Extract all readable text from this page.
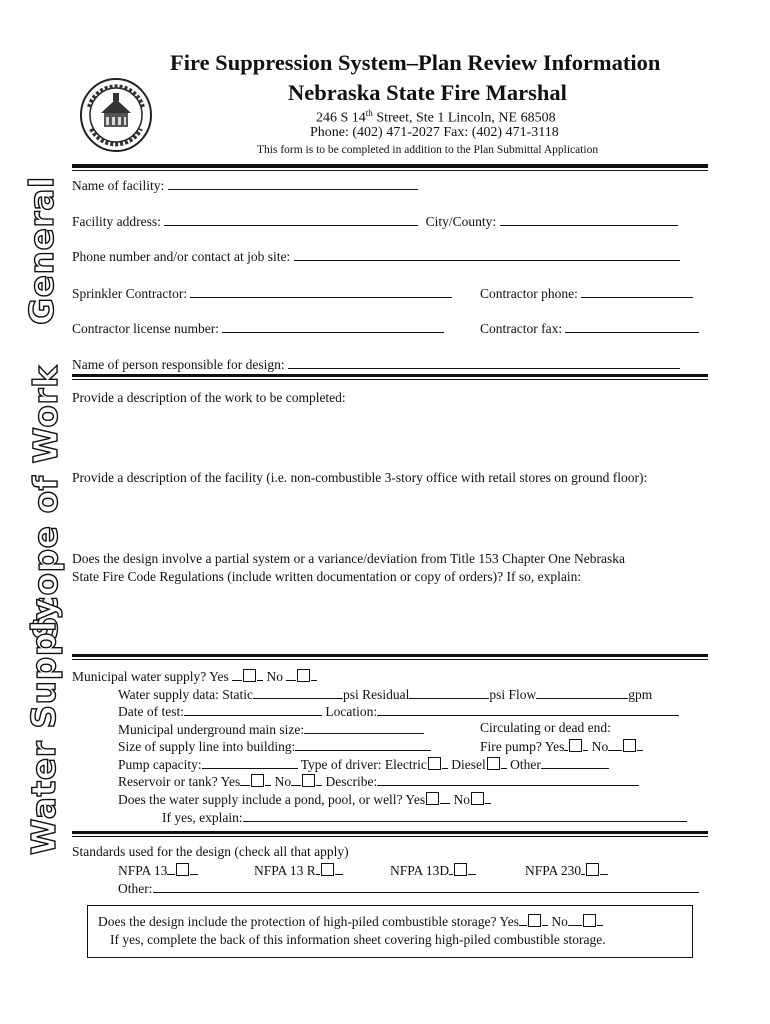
Fire Suppression System–Plan Review Information
Nebraska State Fire Marshal
246 S 14th Street, Ste 1 Lincoln, NE 68508
Phone: (402) 471-2027 Fax: (402) 471-3118
This form is to be completed in addition to the Plan Submittal Application
General
Scope of Work
Water Supply
Name of facility:
Facility address:	City/County:
Phone number and/or contact at job site:
Sprinkler Contractor:	Contractor phone:
Contractor license number:	Contractor fax:
Name of person responsible for design:
Provide a description of the work to be completed:
Provide a description of the facility (i.e. non-combustible 3-story office with retail stores on ground floor):
Does the design involve a partial system or a variance/deviation from Title 153 Chapter One Nebraska
State Fire Code Regulations (include written documentation or copy of orders)? If so, explain:
Municipal water supply? Yes	No
Water supply data: Static	psi Residual	psi Flow	gpm
Date of test:	Location:
Municipal underground main size:	Circulating or dead end:
Size of supply line into building:	Fire pump? Yes No
Pump capacity:	Type of driver: Electric Diesel Other
Reservoir or tank? Yes	No	Describe:
Does the water supply include a pond, pool, or well? Yes No
If yes, explain:
Standards used for the design (check all that apply)
NFPA 13	NFPA 13 R	NFPA 13D	NFPA 230
Other:
Does the design include the protection of high-piled combustible storage? Yes No
If yes, complete the back of this information sheet covering high-piled combustible storage.
